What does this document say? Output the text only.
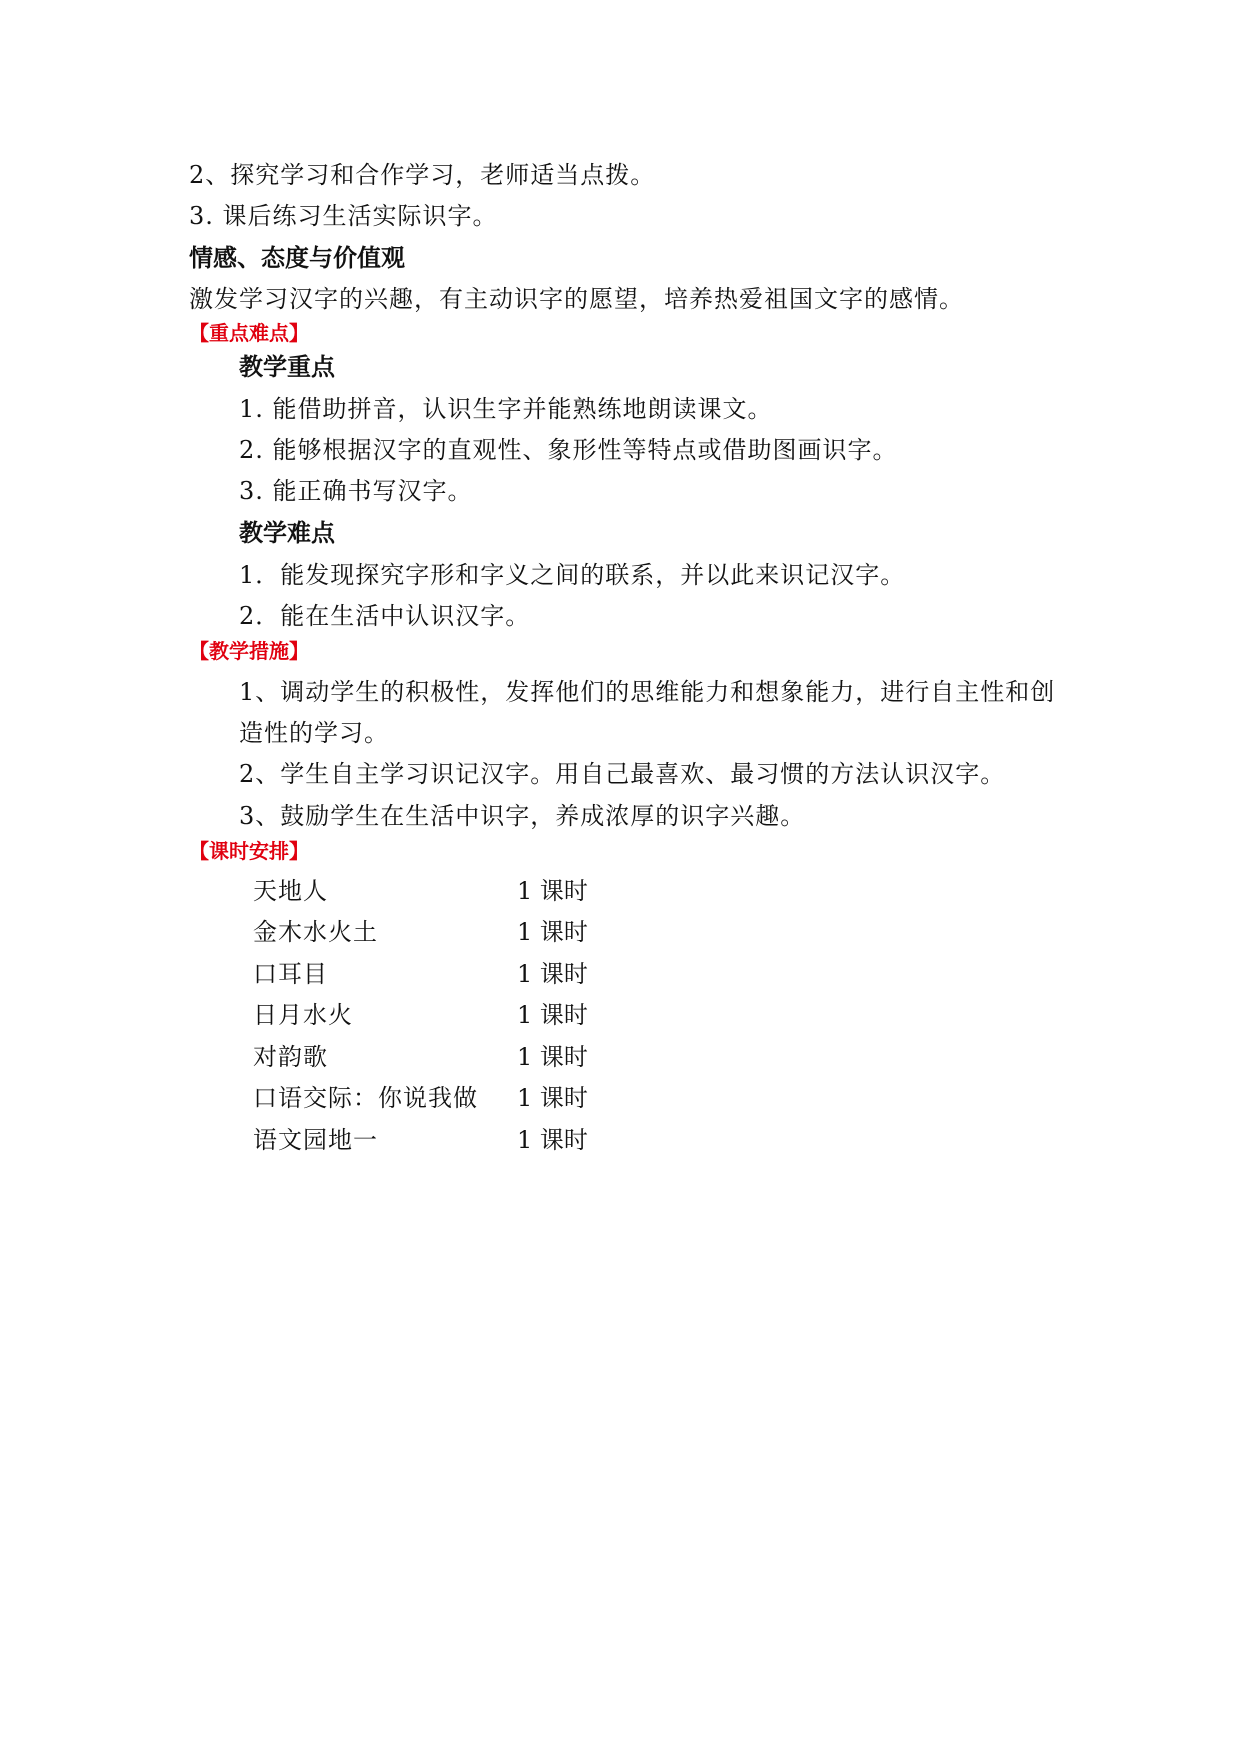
2、探究学习和合作学习，老师适当点拨。
3. 课后练习生活实际识字。
情感、态度与价值观
激发学习汉字的兴趣，有主动识字的愿望，培养热爱祖国文字的感情。
【重点难点】
教学重点
1. 能借助拼音，认识生字并能熟练地朗读课文。
2. 能够根据汉字的直观性、象形性等特点或借助图画识字。
3. 能正确书写汉字。
教学难点
1．能发现探究字形和字义之间的联系，并以此来识记汉字。
2．能在生活中认识汉字。
【教学措施】
1、调动学生的积极性，发挥他们的思维能力和想象能力，进行自主性和创
造性的学习。
2、学生自主学习识记汉字。用自己最喜欢、最习惯的方法认识汉字。
3、鼓励学生在生活中识字，养成浓厚的识字兴趣。
【课时安排】
天地人	1 课时
金木水火土	1 课时
口耳目	1 课时
日月水火	1 课时
对韵歌	1 课时
口语交际：你说我做 1 课时
语文园地一	1 课时
